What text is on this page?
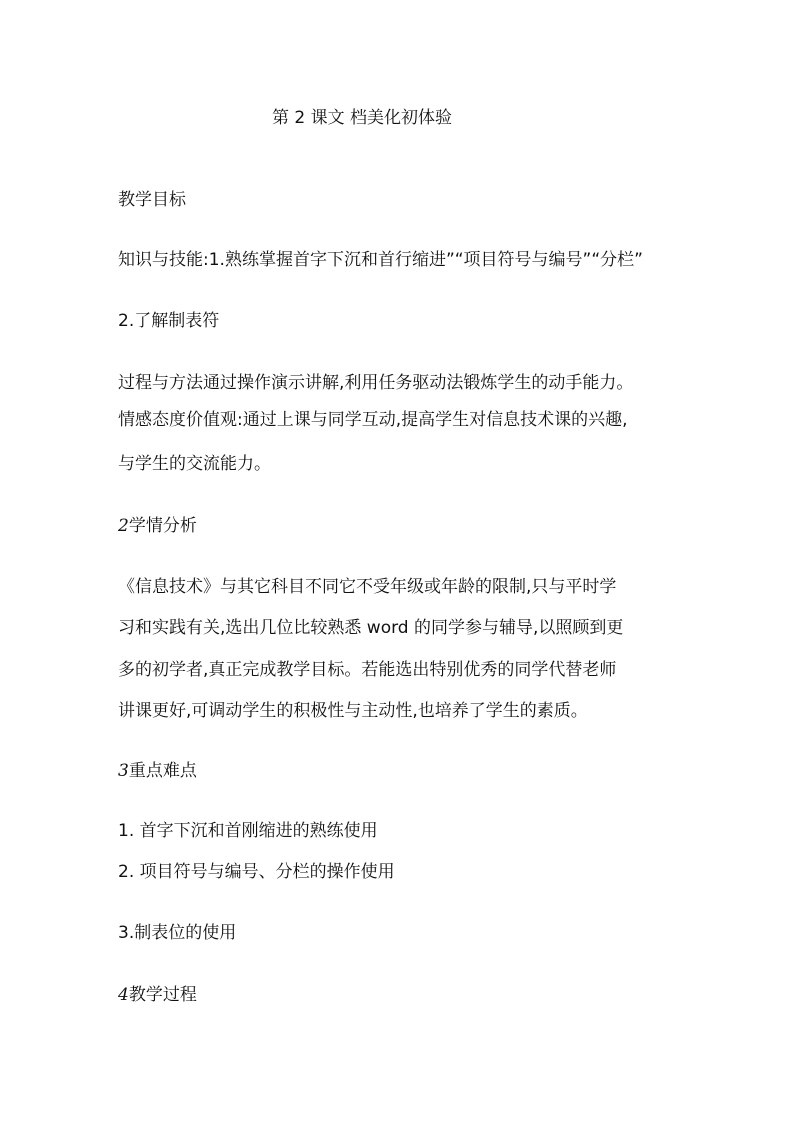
第 2 课文 档美化初体验
教学目标
知识与技能:1.熟练掌握首字下沉和首行缩进”“项目符号与编号”“分栏”
2.了解制表符
过程与方法通过操作演示讲解,利用任务驱动法锻炼学生的动手能力。
情感态度价值观:通过上课与同学互动,提高学生对信息技术课的兴趣,
与学生的交流能力。
2学情分析
《信息技术》与其它科目不同它不受年级或年龄的限制,只与平时学
习和实践有关,选出几位比较熟悉 word 的同学参与辅导,以照顾到更
多的初学者,真正完成教学目标。若能选出特别优秀的同学代替老师
讲课更好,可调动学生的积极性与主动性,也培养了学生的素质。
3重点难点
1. 首字下沉和首刚缩进的熟练使用
2. 项目符号与编号、分栏的操作使用
3.制表位的使用
4教学过程
